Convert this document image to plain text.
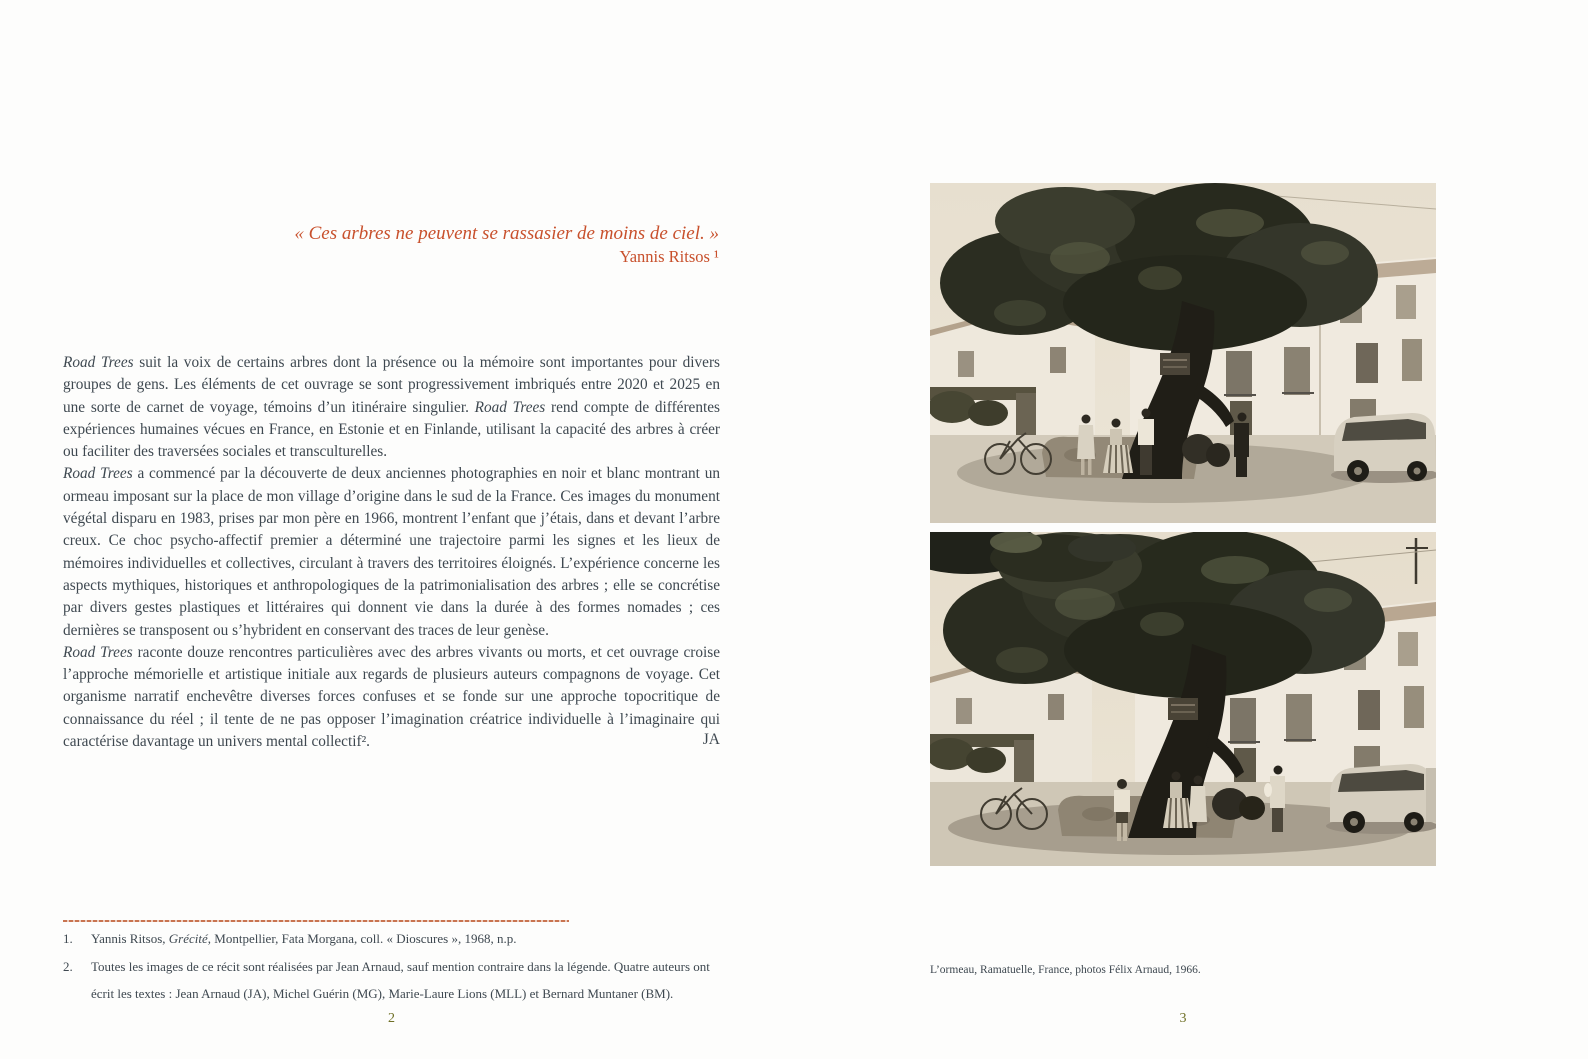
« Ces arbres ne peuvent se rassasier de moins de ciel. »
Yannis Ritsos ¹

Road Trees suit la voix de certains arbres dont la présence ou la mémoire sont importantes pour divers groupes de gens. Les éléments de cet ouvrage se sont progressivement imbriqués entre 2020 et 2025 en une sorte de carnet de voyage, témoins d’un itinéraire singulier. Road Trees rend compte de différentes expériences humaines vécues en France, en Estonie et en Finlande, utilisant la capacité des arbres à créer ou faciliter des traversées sociales et transculturelles.

Road Trees a commencé par la découverte de deux anciennes photographies en noir et blanc montrant un ormeau imposant sur la place de mon village d’origine dans le sud de la France. Ces images du monument végétal disparu en 1983, prises par mon père en 1966, montrent l’enfant que j’étais, dans et devant l’arbre creux. Ce choc psycho-affectif premier a déterminé une trajectoire parmi les signes et les lieux de mémoires individuelles et collectives, circulant à travers des territoires éloignés. L’expérience concerne les aspects mythiques, historiques et anthropologiques de la patrimonialisation des arbres ; elle se concrétise par divers gestes plastiques et littéraires qui donnent vie dans la durée à des formes nomades ; ces dernières se transposent ou s’hybrident en conservant des traces de leur genèse.

Road Trees raconte douze rencontres particulières avec des arbres vivants ou morts, et cet ouvrage croise l’approche mémorielle et artistique initiale aux regards de plusieurs auteurs compagnons de voyage. Cet organisme narratif enchevêtre diverses forces confuses et se fonde sur une approche topocritique de connaissance du réel ; il tente de ne pas opposer l’imagination créatrice individuelle à l’imaginaire qui caractérise davantage un univers mental collectif².	JA
1.	Yannis Ritsos, Grécité, Montpellier, Fata Morgana, coll. « Dioscures », 1968, n.p.
2.	Toutes les images de ce récit sont réalisées par Jean Arnaud, sauf mention contraire dans la légende. Quatre auteurs ont écrit les textes : Jean Arnaud (JA), Michel Guérin (MG), Marie-Laure Lions (MLL) et Bernard Muntaner (BM).
2
L’ormeau, Ramatuelle, France, photos Félix Arnaud, 1966.
3
